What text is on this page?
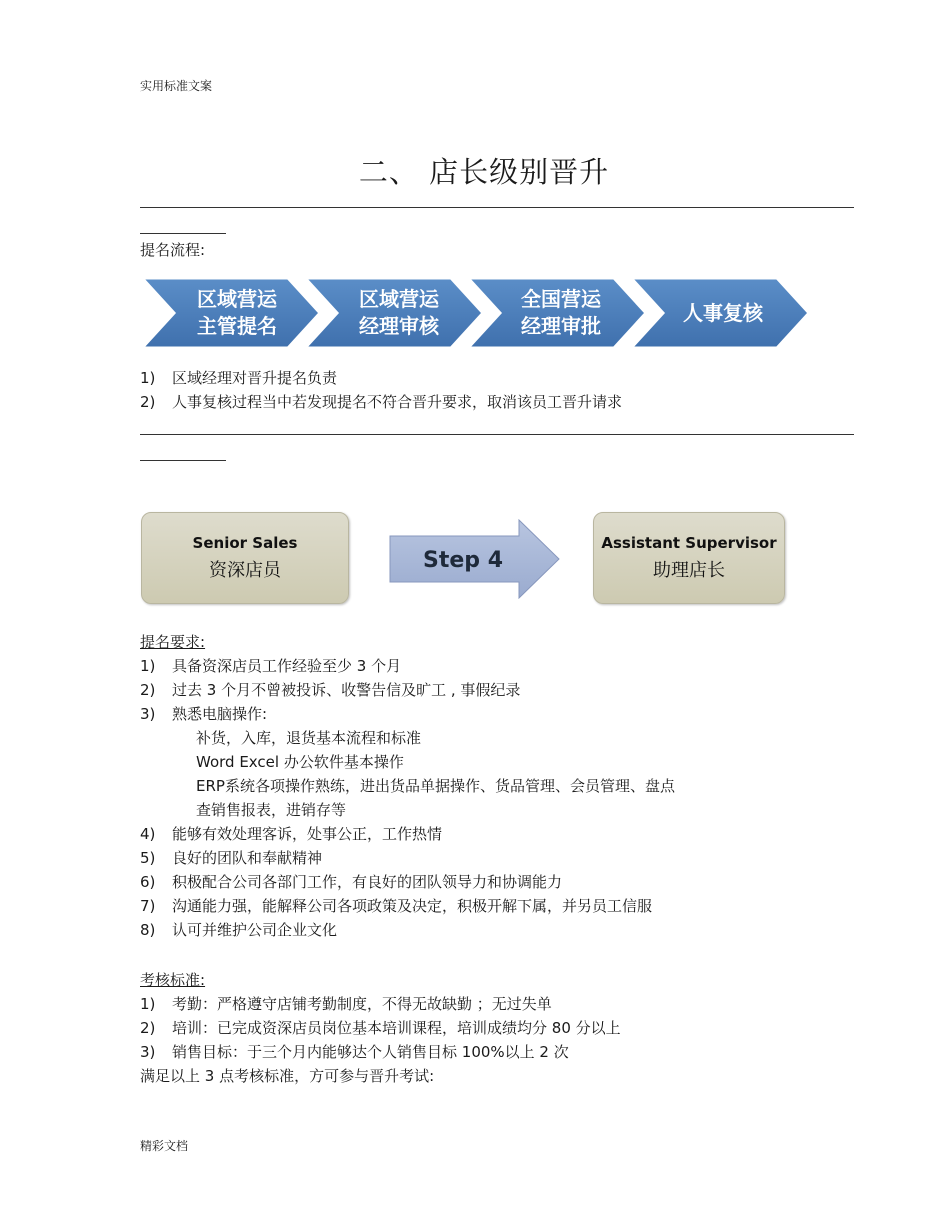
实用标准文案
精彩文档
二、 店长级别晋升
提名流程:
区域营运
主管提名
区域营运
经理审核
全国营运
经理审批
人事复核
1) 区域经理对晋升提名负责
2) 人事复核过程当中若发现提名不符合晋升要求，取消该员工晋升请求
Senior Sales
资深店员	Step 4
Assistant Supervisor
助理店长
提名要求:
1) 具备资深店员工作经验至少 3 个月
2) 过去 3 个月不曾被投诉、收警告信及旷工 , 事假纪录
3) 熟悉电脑操作:
补货，入库，退货基本流程和标准
Word Excel 办公软件基本操作
ERP系统各项操作熟练，进出货品单据操作、货品管理、会员管理、盘点
查销售报表，进销存等
4) 能够有效处理客诉，处事公正，工作热情
5) 良好的团队和奉献精神
6) 积极配合公司各部门工作，有良好的团队领导力和协调能力
7) 沟通能力强，能解释公司各项政策及决定，积极开解下属，并另员工信服
8) 认可并维护公司企业文化
考核标准:
1) 考勤：严格遵守店铺考勤制度，不得无故缺勤 ；无过失单
2) 培训：已完成资深店员岗位基本培训课程，培训成绩均分 80 分以上
3) 销售目标：于三个月内能够达个人销售目标 100%以上 2 次
满足以上 3 点考核标准，方可参与晋升考试:
